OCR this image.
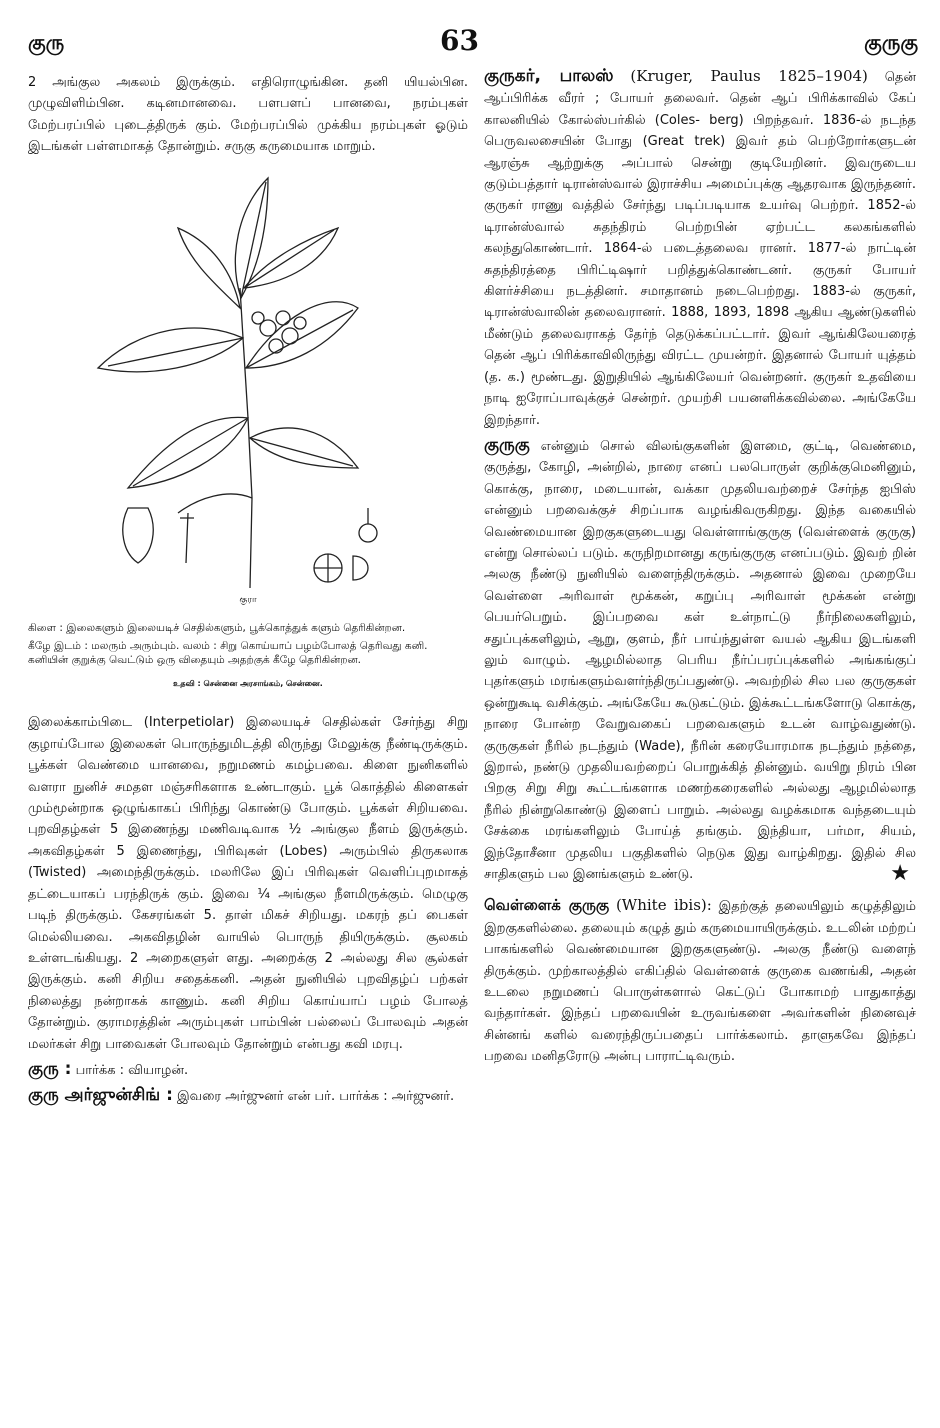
குரு	63	குருகு

2 அங்குல அகலம் இருக்கும். எதிரொழுங்கின. தனி யியல்பின. முழுவிளிம்பின. கடினமானவை. பளபளப் பானவை, நரம்புகள் மேற்பரப்பில் புடைத்திருக் கும். மேற்பரப்பில் முக்கிய நரம்புகள் ஓடும் இடங்கள் பள்ளமாகத் தோன்றும். சருகு கருமையாக மாறும்.

குரா

கிளை : இலைகளும் இலையடிச் செதில்களும், பூக்கொத்துக் களும் தெரிகின்றன.

கீழே இடம் : மலரும் அரும்பும். வலம் : சிறு கொய்யாப் பழம்போலத் தெரிவது கனி. கனியின் குறுக்கு வெட்டும் ஒரு விதையும் அதற்குக் கீழே தெரிகின்றன.

உதவி : சென்னை அரசாங்கம், சென்னை.

இலைக்காம்பிடை (Interpetiolar) இலையடிச் செதில்கள் சேர்ந்து சிறு குழாய்போல இலைகள் பொருந்துமிடத்தி லிருந்து மேலுக்கு நீண்டிருக்கும். பூக்கள் வெண்மை யானவை, நறுமணம் கமழ்பவை. கிளை நுனிகளில் வளரா நுனிச் சமதள மஞ்சரிகளாக உண்டாகும். பூக் கொத்தில் கிளைகள் மும்மூன்றாக ஒழுங்காகப் பிரிந்து கொண்டு போகும். பூக்கள் சிறியவை. புறவிதழ்கள் 5 இணைந்து மணிவடிவாக ½ அங்குல நீளம் இருக்கும். அகவிதழ்கள் 5 இணைந்து, பிரிவுகள் (Lobes) அரும்பில் திருகலாக (Twisted) அமைந்திருக்கும். மலரிலே இப் பிரிவுகள் வெளிப்புறமாகத் தட்டையாகப் பரந்திருக் கும். இவை ¼ அங்குல நீளமிருக்கும். மெழுகு படிந் திருக்கும். கேசரங்கள் 5. தாள் மிகச் சிறியது. மகரந் தப் பைகள் மெல்லியவை. அகவிதழின் வாயில் பொருந் தியிருக்கும். சூலகம் உள்ளடங்கியது. 2 அறைகளுள் ளது. அறைக்கு 2 அல்லது சில சூல்கள் இருக்கும். கனி சிறிய சதைக்கனி. அதன் நுனியில் புறவிதழ்ப் பற்கள் நிலைத்து நன்றாகக் காணும். கனி சிறிய கொய்யாப் பழம் போலத் தோன்றும். குராமரத்தின் அரும்புகள் பாம்பின் பல்லைப் போலவும் அதன் மலர்கள் சிறு பாவைகள் போலவும் தோன்றும் என்பது கவி மரபு.

குரு : பார்க்க : வியாழன்.

குரு அர்ஜுன்சிங் : இவரை அர்ஜுனர் என் பர். பார்க்க : அர்ஜுனர்.

குருகர், பாலஸ் (Kruger, Paulus 1825–1904) தென் ஆப்பிரிக்க வீரர் ; போயர் தலைவர். தென் ஆப் பிரிக்காவில் கேப் காலனியில் கோல்ஸ்பர்கில் (Coles- berg) பிறந்தவர். 1836-ல் நடந்த பெருவலசையின் போது (Great trek) இவர் தம் பெற்றோர்களுடன் ஆரஞ்சு ஆற்றுக்கு அப்பால் சென்று குடியேறினர். இவருடைய குடும்பத்தார் டிரான்ஸ்வால் இராச்சிய அமைப்புக்கு ஆதரவாக இருந்தனர். குருகர் ராணு வத்தில் சேர்ந்து படிப்படியாக உயர்வு பெற்றர். 1852-ல் டிரான்ஸ்வால் சுதந்திரம் பெற்றபின் ஏற்பட்ட கலகங்களில் கலந்துகொண்டார். 1864-ல் படைத்தலைவ ரானர். 1877-ல் நாட்டின் சுதந்திரத்தை பிரிட்டிஷார் பறித்துக்கொண்டனர். குருகர் போயர் கிளர்ச்சியை நடத்தினர். சமாதானம் நடைபெற்றது. 1883-ல் குருகர், டிரான்ஸ்வாலின் தலைவரானர். 1888, 1893, 1898 ஆகிய ஆண்டுகளில் மீண்டும் தலைவராகத் தேர்ந் தெடுக்கப்பட்டார். இவர் ஆங்கிலேயரைத் தென் ஆப் பிரிக்காவிலிருந்து விரட்ட முயன்றர். இதனால் போயர் யுத்தம் (த. க.) மூண்டது. இறுதியில் ஆங்கிலேயர் வென்றனர். குருகர் உதவியை நாடி ஐரோப்பாவுக்குச் சென்றர். முயற்சி பயனளிக்கவில்லை. அங்கேயே இறந்தார்.

குருகு என்னும் சொல் விலங்குகளின் இளமை, குட்டி, வெண்மை, குருத்து, கோழி, அன்றில், நாரை எனப் பலபொருள் குறிக்குமெனினும், கொக்கு, நாரை, மடையான், வக்கா முதலியவற்றைச் சேர்ந்த ஐபிஸ் என்னும் பறவைக்குச் சிறப்பாக வழங்கிவருகிறது. இந்த வகையில் வெண்மையான இறகுகளுடையது வெள்ளாங்குருகு (வெள்ளைக் குருகு) என்று சொல்லப் படும். கருநிறமானது கருங்குருகு எனப்படும். இவற் றின் அலகு நீண்டு நுனியில் வளைந்திருக்கும். அதனால் இவை முறையே வெள்ளை அரிவாள் மூக்கன், கறுப்பு அரிவாள் மூக்கன் என்று பெயர்பெறும். இப்பறவை கள் உள்நாட்டு நீர்நிலைகளிலும், சதுப்புக்களிலும், ஆறு, குளம், நீர் பாய்ந்துள்ள வயல் ஆகிய இடங்களி லும் வாழும். ஆழமில்லாத பெரிய நீர்ப்பரப்புக்களில் அங்கங்குப் புதர்களும் மரங்களும்வளர்ந்திருப்பதுண்டு. அவற்றில் சில பல குருகுகள் ஒன்றுகூடி வசிக்கும். அங்கேயே கூடுகட்டும். இக்கூட்டங்களோடு கொக்கு, நாரை போன்ற வேறுவகைப் பறவைகளும் உடன் வாழ்வதுண்டு. குருகுகள் நீரில் நடந்தும் (Wade), நீரின் கரையோரமாக நடந்தும் நத்தை, இறால், நண்டு முதலியவற்றைப் பொறுக்கித் தின்னும். வயிறு நிரம் பின பிறகு சிறு சிறு கூட்டங்களாக மணற்கரைகளில் அல்லது ஆழமில்லாத நீரில் நின்றுகொண்டு இளைப் பாறும். அல்லது வழக்கமாக வந்தடையும் சேக்கை மரங்களிலும் போய்த் தங்கும். இந்தியா, பர்மா, சியம், இந்தோசீனா முதலிய பகுதிகளில் நெடுக இது வாழ்கிறது. இதில் சில சாதிகளும் பல இனங்களும் உண்டு.	★

வெள்ளைக் குருகு (White ibis): இதற்குத் தலையிலும் கழுத்திலும் இறகுகளில்லை. தலையும் கழுத் தும் கருமையாயிருக்கும். உடலின் மற்றப் பாகங்களில் வெண்மையான இறகுகளுண்டு. அலகு நீண்டு வளைந் திருக்கும். முற்காலத்தில் எகிப்தில் வெள்ளைக் குருகை வணங்கி, அதன் உடலை நறுமணப் பொருள்களால் கெட்டுப் போகாமற் பாதுகாத்து வந்தார்கள். இந்தப் பறவையின் உருவங்களை அவர்களின் நினைவுச் சின்னங் களில் வரைந்திருப்பதைப் பார்க்கலாம். தாளுகவே இந்தப் பறவை மனிதரோடு அன்பு பாராட்டிவரும்.
